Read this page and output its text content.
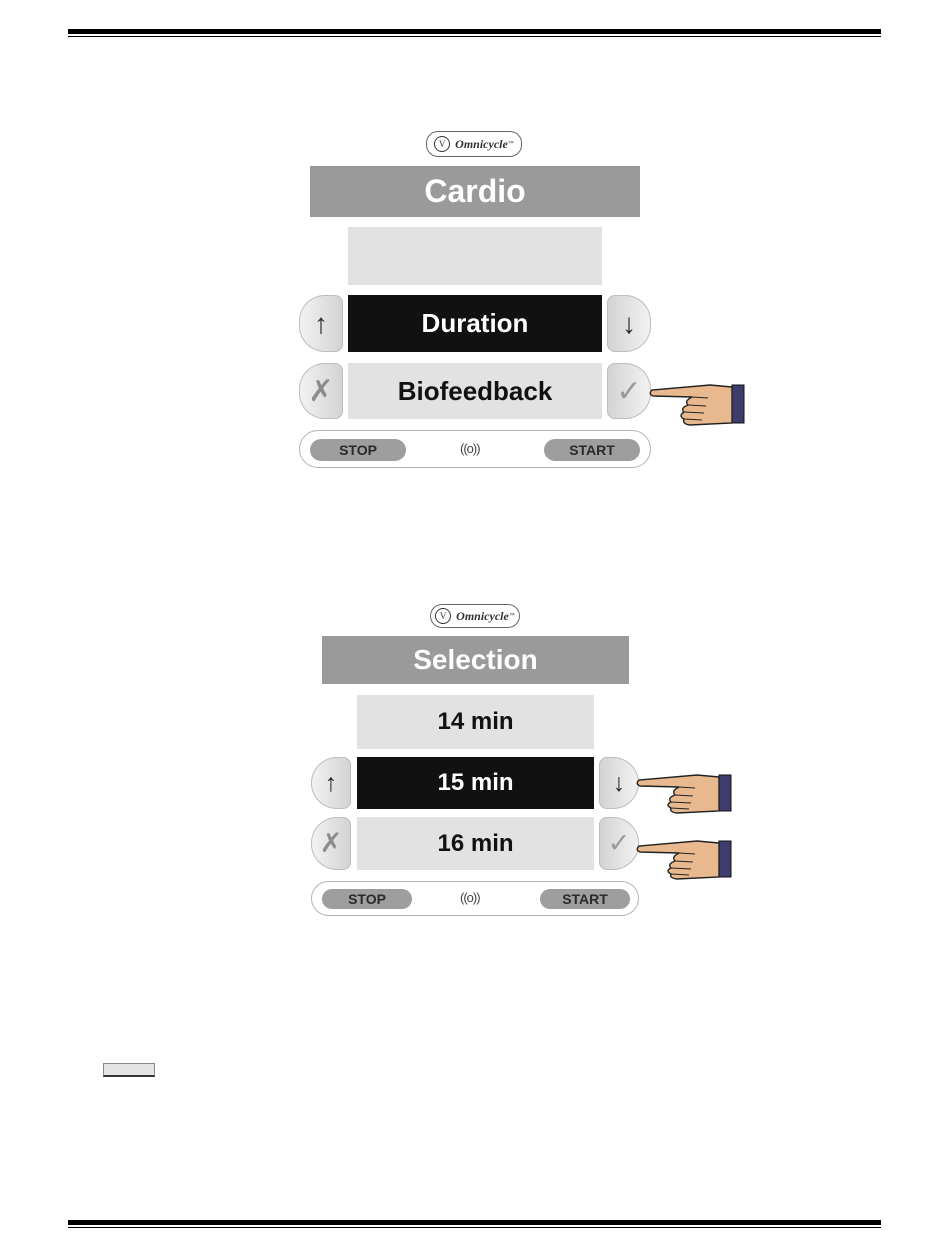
V Omnicycle ™
Cardio
Duration
Biofeedback
↑
✗
↓
✓
STOP	((o))	START
V Omnicycle ™
Selection
14 min
15 min
16 min
↑
✗
↓
✓
STOP	((o))	START
